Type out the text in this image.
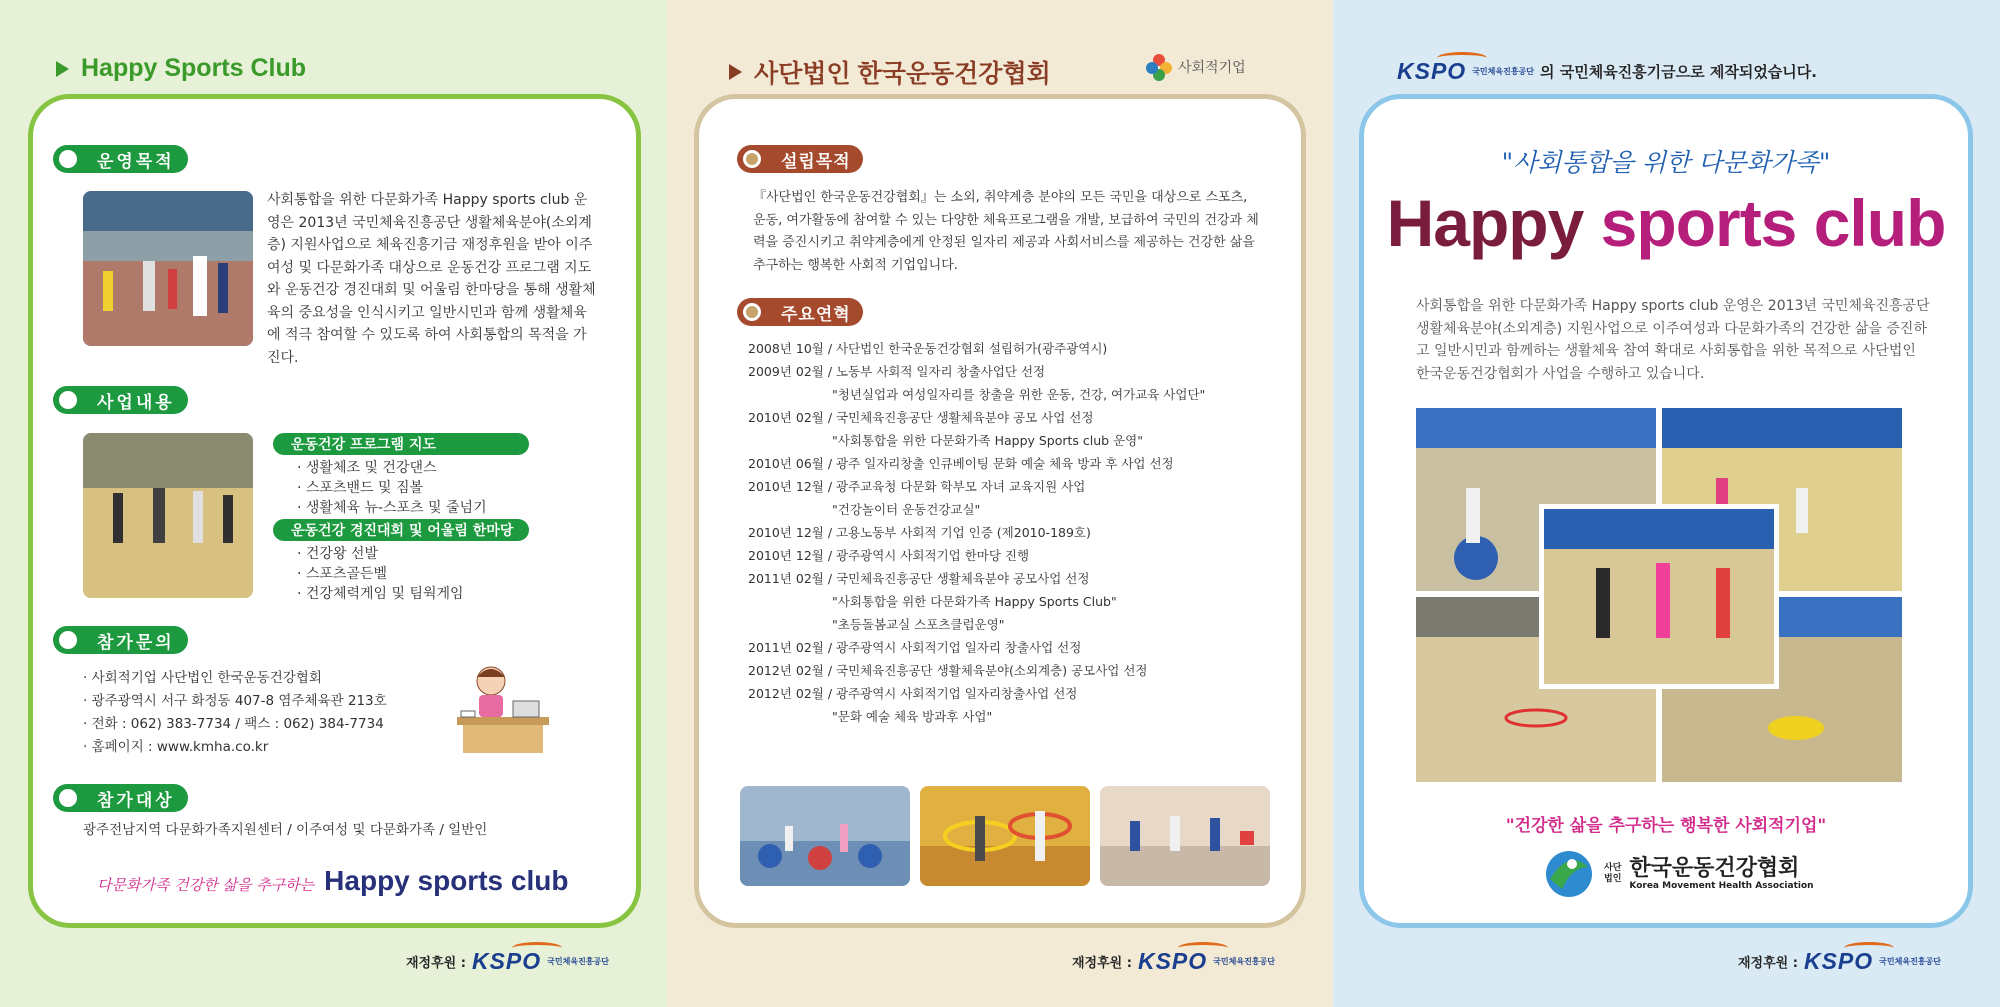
Happy Sports Club
운영목적
사회통합을 위한 다문화가족 Happy sports club 운영은 2013년 국민체육진흥공단 생활체육분야(소외계층) 지원사업으로 체육진흥기금 재정후원을 받아 이주여성 및 다문화가족 대상으로 운동건강 프로그램 지도와 운동건강 경진대회 및 어울림 한마당을 통해 생활체육의 중요성을 인식시키고 일반시민과 함께 생활체육에 적극 참여할 수 있도록 하여 사회통합의 목적을 가진다.
사업내용
운동건강 프로그램 지도
· 생활체조 및 건강댄스
· 스포츠밴드 및 짐볼
· 생활체육 뉴-스포츠 및 줄넘기
운동건강 경진대회 및 어울림 한마당
· 건강왕 선발
· 스포츠골든벨
· 건강체력게임 및 팀웍게임
참가문의
· 사회적기업 사단법인 한국운동건강협회
· 광주광역시 서구 화정동 407-8 염주체육관 213호
· 전화 : 062) 383-7734 / 팩스 : 062) 384-7734
· 홈페이지 : www.kmha.co.kr
참가대상
광주전남지역 다문화가족지원센터 / 이주여성 및 다문화가족 / 일반인
다문화가족 건강한 삶을 추구하는 Happy sports club
재정후원 : KSPO 국민체육진흥공단
사단법인 한국운동건강협회	사회적기업
설립목적
『사단법인 한국운동건강협회』는 소외, 취약계층 분야의 모든 국민을 대상으로 스포츠, 운동, 여가활동에 참여할 수 있는 다양한 체육프로그램을 개발, 보급하여 국민의 건강과 체력을 증진시키고 취약계층에게 안정된 일자리 제공과 사회서비스를 제공하는 건강한 삶을 추구하는 행복한 사회적 기업입니다.
주요연혁
2008년 10월 / 사단법인 한국운동건강협회 설립허가(광주광역시)
2009년 02월 / 노동부 사회적 일자리 창출사업단 선정
"청년실업과 여성일자리를 창출을 위한 운동, 건강, 여가교육 사업단"
2010년 02월 / 국민체육진흥공단 생활체육분야 공모 사업 선정
"사회통합을 위한 다문화가족 Happy Sports club 운영"
2010년 06월 / 광주 일자리창출 인큐베이팅 문화 예술 체육 방과 후 사업 선정
2010년 12월 / 광주교육청 다문화 학부모 자녀 교육지원 사업
"건강놀이터 운동건강교실"
2010년 12월 / 고용노동부 사회적 기업 인증 (제2010-189호)
2010년 12월 / 광주광역시 사회적기업 한마당 진행
2011년 02월 / 국민체육진흥공단 생활체육분야 공모사업 선정
"사회통합을 위한 다문화가족 Happy Sports Club"
"초등돌봄교실 스포츠클럽운영"
2011년 02월 / 광주광역시 사회적기업 일자리 창출사업 선정
2012년 02월 / 국민체육진흥공단 생활체육분야(소외계층) 공모사업 선정
2012년 02월 / 광주광역시 사회적기업 일자리창출사업 선정
"문화 예술 체육 방과후 사업"
재정후원 : KSPO 국민체육진흥공단
KSPO 국민체육진흥공단 의 국민체육진흥기금으로 제작되었습니다.
"사회통합을 위한 다문화가족"
Happy sports club
사회통합을 위한 다문화가족 Happy sports club 운영은 2013년 국민체육진흥공단 생활체육분야(소외계층) 지원사업으로 이주여성과 다문화가족의 건강한 삶을 증진하고 일반시민과 함께하는 생활체육 참여 확대로 사회통합을 위한 목적으로 사단법인 한국운동건강협회가 사업을 수행하고 있습니다.
"건강한 삶을 추구하는 행복한 사회적기업"
사단
법인 한국운동건강협회
Korea Movement Health Association
재정후원 : KSPO 국민체육진흥공단
